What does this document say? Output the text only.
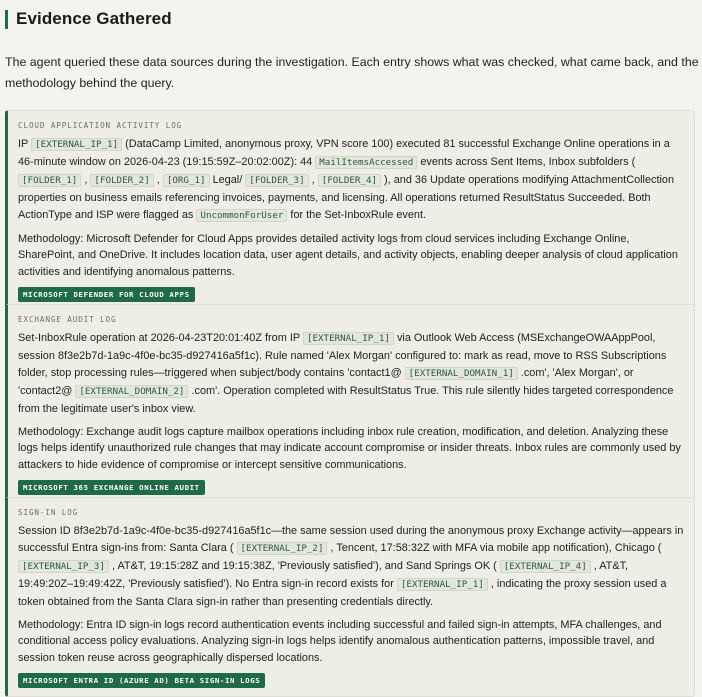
Evidence Gathered
The agent queried these data sources during the investigation. Each entry shows what was checked, what came back, and the methodology behind the query.
CLOUD APPLICATION ACTIVITY LOG
IP [EXTERNAL_IP_1] (DataCamp Limited, anonymous proxy, VPN score 100) executed 81 successful Exchange Online operations in a 46-minute window on 2026-04-23 (19:15:59Z–20:02:00Z): 44 MailItemsAccessed events across Sent Items, Inbox subfolders ( [FOLDER_1] , [FOLDER_2] , [ORG_1] Legal/ [FOLDER_3] , [FOLDER_4] ), and 36 Update operations modifying AttachmentCollection properties on business emails referencing invoices, payments, and licensing. All operations returned ResultStatus Succeeded. Both ActionType and ISP were flagged as UncommonForUser for the Set-InboxRule event.
Methodology: Microsoft Defender for Cloud Apps provides detailed activity logs from cloud services including Exchange Online, SharePoint, and OneDrive. It includes location data, user agent details, and activity objects, enabling deeper analysis of cloud application activities and identifying anomalous patterns.
MICROSOFT DEFENDER FOR CLOUD APPS
EXCHANGE AUDIT LOG
Set-InboxRule operation at 2026-04-23T20:01:40Z from IP [EXTERNAL_IP_1] via Outlook Web Access (MSExchangeOWAAppPool, session 8f3e2b7d-1a9c-4f0e-bc35-d927416a5f1c). Rule named 'Alex Morgan' configured to: mark as read, move to RSS Subscriptions folder, stop processing rules—triggered when subject/body contains 'contact1@ [EXTERNAL_DOMAIN_1] .com', 'Alex Morgan', or 'contact2@ [EXTERNAL_DOMAIN_2] .com'. Operation completed with ResultStatus True. This rule silently hides targeted correspondence from the legitimate user's inbox view.
Methodology: Exchange audit logs capture mailbox operations including inbox rule creation, modification, and deletion. Analyzing these logs helps identify unauthorized rule changes that may indicate account compromise or insider threats. Inbox rules are commonly used by attackers to hide evidence of compromise or intercept sensitive communications.
MICROSOFT 365 EXCHANGE ONLINE AUDIT
SIGN-IN LOG
Session ID 8f3e2b7d-1a9c-4f0e-bc35-d927416a5f1c—the same session used during the anonymous proxy Exchange activity—appears in successful Entra sign-ins from: Santa Clara ( [EXTERNAL_IP_2] , Tencent, 17:58:32Z with MFA via mobile app notification), Chicago ( [EXTERNAL_IP_3] , AT&T, 19:15:28Z and 19:15:38Z, 'Previously satisfied'), and Sand Springs OK ( [EXTERNAL_IP_4] , AT&T, 19:49:20Z–19:49:42Z, 'Previously satisfied'). No Entra sign-in record exists for [EXTERNAL_IP_1] , indicating the proxy session used a token obtained from the Santa Clara sign-in rather than presenting credentials directly.
Methodology: Entra ID sign-in logs record authentication events including successful and failed sign-in attempts, MFA challenges, and conditional access policy evaluations. Analyzing sign-in logs helps identify anomalous authentication patterns, impossible travel, and session token reuse across geographically dispersed locations.
MICROSOFT ENTRA ID (AZURE AD) BETA SIGN-IN LOGS
